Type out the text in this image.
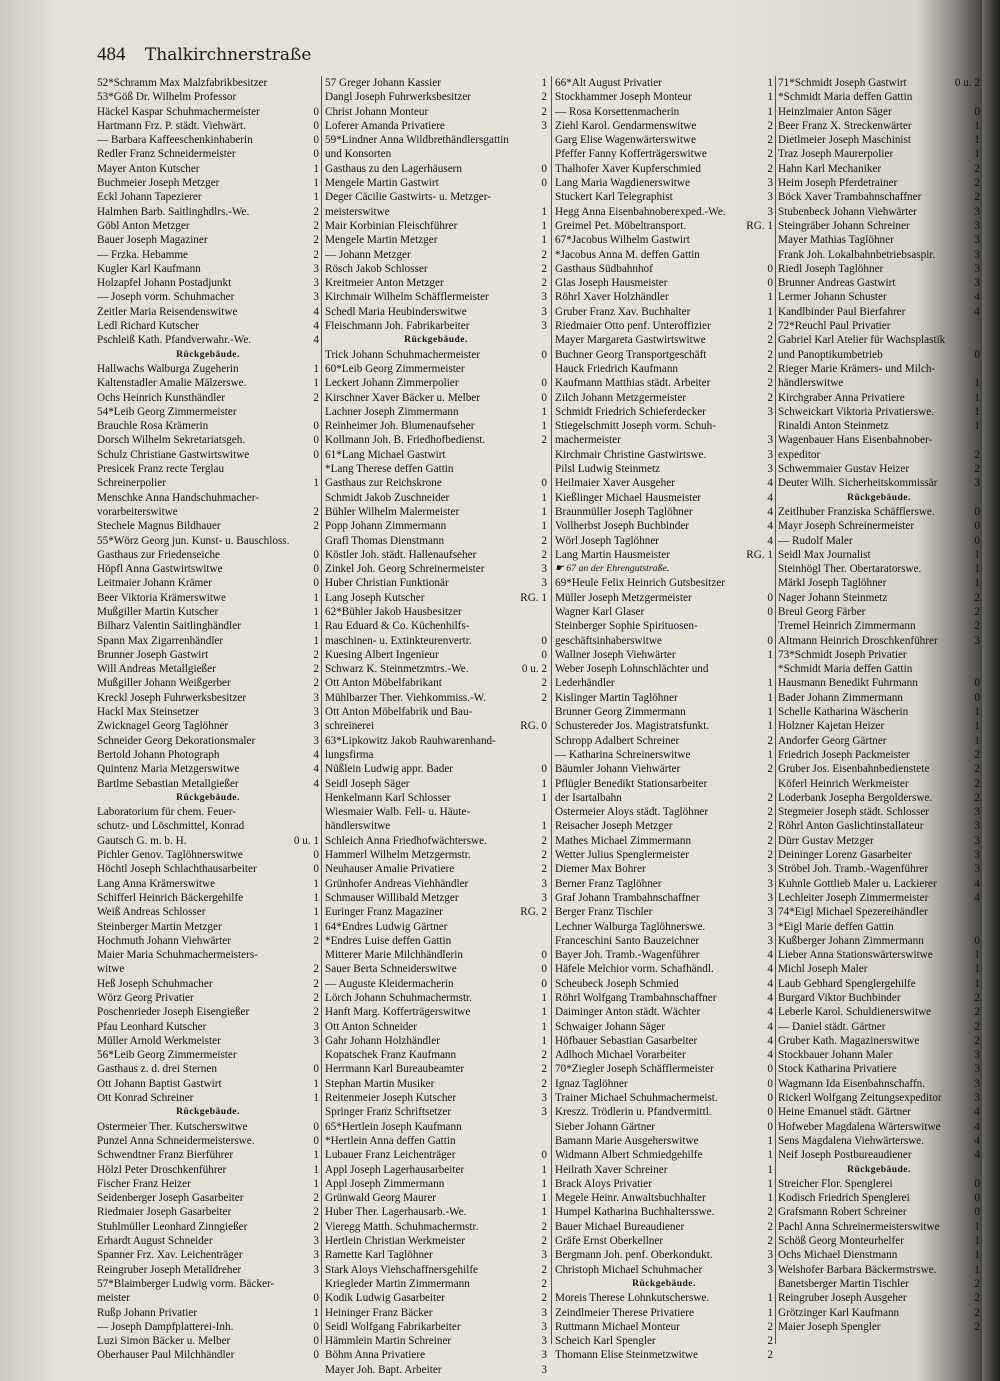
484 Thalkirchnerstraße
52*Schramm Max Malzfabrikbesitzer
53*Göß Dr. Wilhelm Professor
Häckel Kaspar Schuhmachermeister	0
Hartmann Frz. P. städt. Viehwärt.	0
— Barbara Kaffeeschenkinhaberin	0
Redler Franz Schneidermeister	0
Mayer Anton Kutscher	1
Buchmeier Joseph Metzger	1
Eckl Johann Tapezierer	1
Halmhen Barb. Saitlinghdlrs.-We.	2
Göbl Anton Metzger	2
Bauer Joseph Magaziner	2
— Frzka. Hebamme	2
Kugler Karl Kaufmann	3
Holzapfel Johann Postadjunkt	3
— Joseph vorm. Schuhmacher	3
Zeitler Maria Reisendenswitwe	4
Ledl Richard Kutscher	4
Pschleiß Kath. Pfandverwahr.-We.	4
Rückgebäude.
Hallwachs Walburga Zugeherin	1
Kaltenstadler Amalie Mälzerswe.	1
Ochs Heinrich Kunsthändler	2
54*Leib Georg Zimmermeister
Brauchle Rosa Krämerin	0
Dorsch Wilhelm Sekretariatsgeh.	0
Schulz Christiane Gastwirtswitwe	0
Presicek Franz recte Terglau
Schreinerpolier	1
Menschke Anna Handschuhmacher-
vorarbeiterswitwe	2
Stechele Magnus Bildhauer	2
55*Wörz Georg jun. Kunst- u. Bauschloss.
Gasthaus zur Friedenseiche	0
Höpfl Anna Gastwirtswitwe	0
Leitmaier Johann Krämer	0
Beer Viktoria Krämerswitwe	1
Mußgiller Martin Kutscher	1
Bilharz Valentin Saitlinghändler	1
Spann Max Zigarrenhändler	1
Brunner Joseph Gastwirt	2
Will Andreas Metallgießer	2
Mußgiller Johann Weißgerber	2
Kreckl Joseph Fuhrwerksbesitzer	3
Hackl Max Steinsetzer	3
Zwicknagel Georg Taglöhner	3
Schneider Georg Dekorationsmaler	3
Bertold Johann Photograph	4
Quintenz Maria Metzgerswitwe	4
Bartlme Sebastian Metallgießer	4
Rückgebäude.
Laboratorium für chem. Feuer-
schutz- und Löschmittel, Konrad
Gautsch G. m. b. H.	0 u. 1
Pichler Genov. Taglöhnerswitwe	0
Höchtl Joseph Schlachthausarbeiter	0
Lang Anna Krämerswitwe	1
Schifferl Heinrich Bäckergehilfe	1
Weiß Andreas Schlosser	1
Steinberger Martin Metzger	1
Hochmuth Johann Viehwärter	2
Maier Maria Schuhmachermeisters-
witwe	2
Heß Joseph Schuhmacher	2
Wörz Georg Privatier	2
Poschenrieder Joseph Eisengießer	2
Pfau Leonhard Kutscher	3
Müller Arnold Werkmeister	3
56*Leib Georg Zimmermeister
Gasthaus z. d. drei Sternen	0
Ott Johann Baptist Gastwirt	1
Ott Konrad Schreiner	1
Rückgebäude.
Ostermeier Ther. Kutscherswitwe	0
Punzel Anna Schneidermeisterswe.	0
Schwendtner Franz Bierführer	1
Hölzl Peter Droschkenführer	1
Fischer Franz Heizer	1
Seidenberger Joseph Gasarbeiter	2
Riedmaier Joseph Gasarbeiter	2
Stuhlmüller Leonhard Zinngießer	2
Erhardt August Schneider	3
Spanner Frz. Xav. Leichenträger	3
Reingruber Joseph Metalldreher	3
57*Blaimberger Ludwig vorm. Bäcker-
meister	0
Rußp Johann Privatier	1
— Joseph Dampfplatterei-Inh.	0
Luzi Simon Bäcker u. Melber	0
Oberhauser Paul Milchhändler	0
57 Greger Johann Kassier	1
Dangl Joseph Fuhrwerksbesitzer	2
Christ Johann Monteur	2
Loferer Amanda Privatiere	3
59*Lindner Anna Wildbrethändlersgattin
und Konsorten
Gasthaus zu den Lagerhäusern	0
Mengele Martin Gastwirt	0
Deger Cäcilie Gastwirts- u. Metzger-
meisterswitwe	1
Mair Korbinian Fleischführer	1
Mengele Martin Metzger	1
— Johann Metzger	2
Rösch Jakob Schlosser	2
Kreitmeier Anton Metzger	2
Kirchmair Wilhelm Schäfflermeister	3
Schedl Maria Heubinderswitwe	3
Fleischmann Joh. Fabrikarbeiter	3
Rückgebäude.
Trick Johann Schuhmachermeister	0
60*Leib Georg Zimmermeister
Leckert Johann Zimmerpolier	0
Kirschner Xaver Bäcker u. Melber	0
Lachner Joseph Zimmermann	1
Reinheimer Joh. Blumenaufseher	1
Kollmann Joh. B. Friedhofbedienst.	2
61*Lang Michael Gastwirt
*Lang Therese deffen Gattin
Gasthaus zur Reichskrone	0
Schmidt Jakob Zuschneider	1
Bühler Wilhelm Malermeister	1
Popp Johann Zimmermann	1
Grafl Thomas Dienstmann	2
Köstler Joh. städt. Hallenaufseher	2
Zinkel Joh. Georg Schreinermeister	3
Huber Christian Funktionär	3
Lang Joseph Kutscher	RG. 1
62*Bühler Jakob Hausbesitzer
Rau Eduard & Co. Küchenhilfs-
maschinen- u. Extinkteurenvertr.	0
Kuesing Albert Ingenieur	0
Schwarz K. Steinmetzmtrs.-We.	0 u. 2
Ott Anton Möbelfabrikant	2
Mühlbarzer Ther. Viehkommiss.-W.	2
Ott Anton Möbelfabrik und Bau-
schreinerei	RG. 0
63*Lipkowitz Jakob Rauhwarenhand-
lungsfirma
Nüßlein Ludwig appr. Bader	0
Seidl Joseph Säger	1
Henkelmann Karl Schlosser	1
Wiesmaier Walb. Fell- u. Häute-
händlerswitwe	1
Schleich Anna Friedhofwächterswe.	2
Hammerl Wilhelm Metzgermstr.	2
Neuhauser Amalie Privatiere	2
Grünhofer Andreas Viehhändler	3
Schmauser Willibald Metzger	3
Euringer Franz Magaziner	RG. 2
64*Endres Ludwig Gärtner
*Endres Luise deffen Gattin
Mitterer Marie Milchhändlerin	0
Sauer Berta Schneiderswitwe	0
— Auguste Kleidermacherin	0
Lörch Johann Schuhmachermstr.	1
Hanft Marg. Kofferträgerswitwe	1
Ott Anton Schneider	1
Gahr Johann Holzhändler	1
Kopatschek Franz Kaufmann	2
Herrmann Karl Bureaubeamter	2
Stephan Martin Musiker	2
Reitenmeier Joseph Kutscher	3
Springer Franz Schriftsetzer	3
65*Hertlein Joseph Kaufmann
*Hertlein Anna deffen Gattin
Lubauer Franz Leichenträger	0
Appl Joseph Lagerhausarbeiter	1
Appl Joseph Zimmermann	1
Grünwald Georg Maurer	1
Huber Ther. Lagerhausarb.-We.	1
Vieregg Matth. Schuhmachermstr.	2
Hertlein Christian Werkmeister	2
Ramette Karl Taglöhner	3
Stark Aloys Viehschaffnersgehilfe	2
Kriegleder Martin Zimmermann	2
Kodik Ludwig Gasarbeiter	2
Heininger Franz Bäcker	3
Seidl Wolfgang Fabrikarbeiter	3
Hämmlein Martin Schreiner	3
Böhm Anna Privatiere	3
Mayer Joh. Bapt. Arbeiter	3
66*Alt August Privatier	1
Stockhammer Joseph Monteur	1
— Rosa Korsettenmacherin	1
Ziehl Karol. Gendarmenswitwe	2
Garg Elise Wagenwärterswitwe	2
Pfeffer Fanny Kofferträgerswitwe	2
Thalhofer Xaver Kupferschmied	2
Lang Maria Wagdienerswitwe	3
Stuckert Karl Telegraphist	3
Hegg Anna Eisenbahnoberexped.-We.	3
Greimel Pet. Möbeltransport.	RG. 1
67*Jacobus Wilhelm Gastwirt
*Jacobus Anna M. deffen Gattin
Gasthaus Südbahnhof	0
Glas Joseph Hausmeister	0
Röhrl Xaver Holzhändler	1
Gruber Franz Xav. Buchhalter	1
Riedmaier Otto penf. Unteroffizier	2
Mayer Margareta Gastwirtswitwe	2
Buchner Georg Transportgeschäft	2
Hauck Friedrich Kaufmann	2
Kaufmann Matthias städt. Arbeiter	2
Zilch Johann Metzgermeister	2
Schmidt Friedrich Schieferdecker	3
Stiegelschmitt Joseph vorm. Schuh-
machermeister	3
Kirchmair Christine Gastwirtswe.	3
Pilsl Ludwig Steinmetz	3
Heilmaier Xaver Ausgeher	4
Kießlinger Michael Hausmeister	4
Braunmüller Joseph Taglöhner	4
Vollherbst Joseph Buchbinder	4
Wörl Joseph Taglöhner	4
Lang Martin Hausmeister	RG. 1
☛ 67 an der Ehrengutstraße.
69*Heule Felix Heinrich Gutsbesitzer
Müller Joseph Metzgermeister	0
Wagner Karl Glaser	0
Steinberger Sophie Spirituosen-
geschäftsinhaberswitwe	0
Wallner Joseph Viehwärter	1
Weber Joseph Lohnschlächter und
Lederhändler	1
Kislinger Martin Taglöhner	1
Brunner Georg Zimmermann	1
Schustereder Jos. Magistratsfunkt.	1
Schropp Adalbert Schreiner	2
— Katharina Schreinerswitwe	1
Bäumler Johann Viehwärter	2
Pflügler Benedikt Stationsarbeiter
der Isartalbahn	2
Ostermeier Aloys städt. Taglöhner	2
Reisacher Joseph Metzger	2
Mathes Michael Zimmermann	2
Wetter Julius Spenglermeister	2
Diemer Max Bohrer	3
Berner Franz Taglöhner	3
Graf Johann Trambahnschaffner	3
Berger Franz Tischler	3
Lechner Walburga Taglöhnerswe.	3
Franceschini Santo Bauzeichner	3
Bayer Joh. Tramb.-Wagenführer	4
Häfele Melchior vorm. Schafhändl.	4
Scheubeck Joseph Schmied	4
Röhrl Wolfgang Trambahnschaffner	4
Daiminger Anton städt. Wächter	4
Schwaiger Johann Säger	4
Höfbauer Sebastian Gasarbeiter	4
Adlhoch Michael Vorarbeiter	4
70*Ziegler Joseph Schäfflermeister	0
Ignaz Taglöhner	0
Trainer Michael Schuhmachermeist.	0
Kreszz. Trödlerin u. Pfandvermittl.	0
Sieber Johann Gärtner	0
Bamann Marie Ausgeherswitwe	1
Widmann Albert Schmiedgehilfe	1
Heilrath Xaver Schreiner	1
Brack Aloys Privatier	1
Megele Heinr. Anwaltsbuchhalter	1
Humpel Katharina Buchhaltersswe.	2
Bauer Michael Bureaudiener	2
Gräfe Ernst Oberkellner	2
Bergmann Joh. penf. Oberkondukt.	3
Christoph Michael Schuhmacher	3
Rückgebäude.
Moreis Therese Lohnkutscherswe.	1
Zeindlmeier Therese Privatiere	1
Ruttmann Michael Monteur	2
Scheich Karl Spengler	2
Thomann Elise Steinmetzwitwe	2
71*Schmidt Joseph Gastwirt	0 u. 2
*Schmidt Maria deffen Gattin
Heinzlmaier Anton Säger	0
Beer Franz X. Streckenwärter	1
Dietlmeier Joseph Maschinist	1
Traz Joseph Maurerpolier	1
Hahn Karl Mechaniker	2
Heim Joseph Pferdetrainer	2
Böck Xaver Trambahnschaffner	2
Stubenbeck Johann Viehwärter	3
Steingräber Johann Schreiner	3
Mayer Mathias Taglöhner	3
Frank Joh. Lokalbahnbetriebsaspir.	3
Riedl Joseph Taglöhner	3
Brunner Andreas Gastwirt	3
Lermer Johann Schuster	4
Kandlbinder Paul Bierfahrer	4
72*Reuchl Paul Privatier
Gabriel Karl Atelier für Wachsplastik
und Panoptikumbetrieb	0
Rieger Marie Krämers- und Milch-
händlerswitwe	1
Kirchgraber Anna Privatiere	1
Schweickart Viktoria Privatierswe.	1
Rinaldi Anton Steinmetz	1
Wagenbauer Hans Eisenbahnober-
expeditor	2
Schwemmaier Gustav Heizer	2
Deuter Wilh. Sicherheitskommissär	3
Rückgebäude.
Zeitlhuber Franziska Schäfflerswe.	0
Mayr Joseph Schreinermeister	0
— Rudolf Maler	0
Seidl Max Journalist	1
Steinhögl Ther. Obertaratorswe.	1
Märkl Joseph Taglöhner	1
Nager Johann Steinmetz	2
Breul Georg Färber	2
Tremel Heinrich Zimmermann	2
Altmann Heinrich Droschkenführer	3
73*Schmidt Joseph Privatier
*Schmidt Maria deffen Gattin
Hausmann Benedikt Fuhrmann	0
Bader Johann Zimmermann	0
Schelle Katharina Wäscherin	1
Holzner Kajetan Heizer	1
Andorfer Georg Gärtner	1
Friedrich Joseph Packmeister	2
Gruber Jos. Eisenbahnbedienstete	2
Köferl Heinrich Werkmeister	2
Loderbank Josepha Bergolderswe.	2
Stegmeier Joseph städt. Schlosser	3
Röhrl Anton Gaslichtinstallateur	3
Dürr Gustav Metzger	3
Deininger Lorenz Gasarbeiter	3
Ströbel Joh. Tramb.-Wagenführer	3
Kuhnle Gottlieb Maler u. Lackierer	4
Lechleiter Joseph Zimmermeister	4
74*Eigl Michael Spezereihändler
*Eigl Marie deffen Gattin
Kußberger Johann Zimmermann	0
Lieber Anna Stationswärterswitwe	1
Michl Joseph Maler	1
Laub Gebhard Spenglergehilfe	1
Burgard Viktor Buchbinder	2
Leberle Karol. Schuldienerswitwe	2
— Daniel städt. Gärtner	2
Gruber Kath. Magazinerswitwe	2
Stockbauer Johann Maler	3
Stock Katharina Privatiere	3
Wagmann Ida Eisenbahnschaffn.	3
Rickerl Wolfgang Zeitungsexpeditor	3
Heine Emanuel städt. Gärtner	4
Hofweber Magdalena Wärterswitwe	4
Sens Magdalena Viehwärterswe.	4
Neif Joseph Postbureaudiener	4
Rückgebäude.
Streicher Flor. Spenglerei	0
Kodisch Friedrich Spenglerei	0
Grafsmann Robert Schreiner	0
Pachl Anna Schreinermeisterswitwe	1
Schöß Georg Monteurhelfer	1
Ochs Michael Dienstmann	1
Welshofer Barbara Bäckermstrswe.	1
Banetsberger Martin Tischler	2
Reingruber Joseph Ausgeher	2
Grötzinger Karl Kaufmann	2
Maier Joseph Spengler	2
